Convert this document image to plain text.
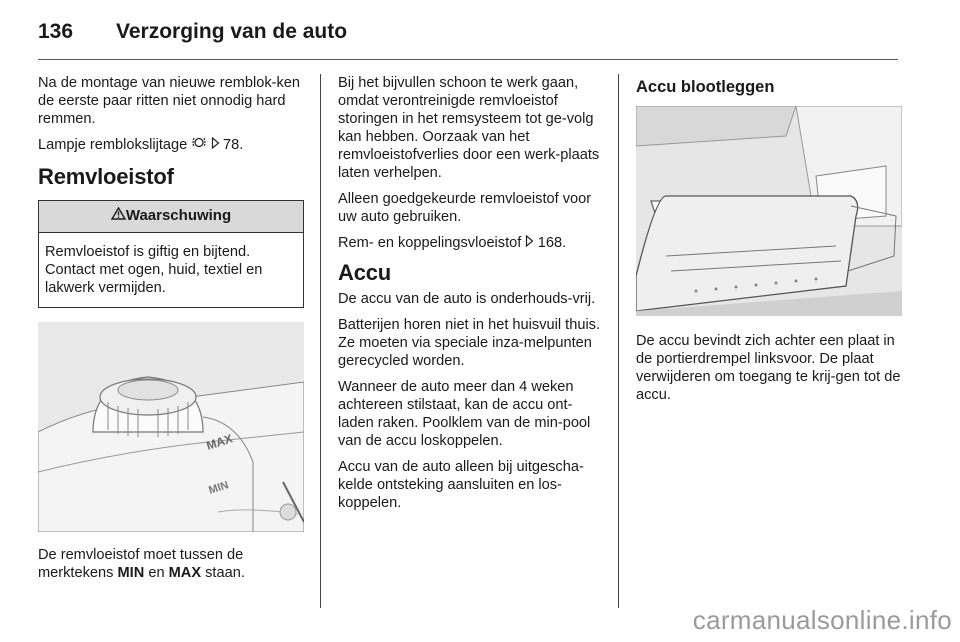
136 Verzorging van de auto

Na de montage van nieuwe remblok-ken de eerste paar ritten niet onnodig hard remmen.

Lampje remblokslijtage 78.

Remvloeistof
Waarschuwing
Remvloeistof is giftig en bijtend. Contact met ogen, huid, textiel en lakwerk vermijden.
MAX
MIN

De remvloeistof moet tussen de merktekens MIN en MAX staan.

Bij het bijvullen schoon te werk gaan, omdat verontreinigde remvloeistof storingen in het remsysteem tot ge-volg kan hebben. Oorzaak van het remvloeistofverlies door een werk-plaats laten verhelpen.

Alleen goedgekeurde remvloeistof voor uw auto gebruiken.

Rem- en koppelingsvloeistof 168.

Accu

De accu van de auto is onderhouds-vrij.

Batterijen horen niet in het huisvuil thuis. Ze moeten via speciale inza-melpunten gerecycled worden.

Wanneer de auto meer dan 4 weken achtereen stilstaat, kan de accu ont-laden raken. Poolklem van de min-pool van de accu loskoppelen.

Accu van de auto alleen bij uitgescha-kelde ontsteking aansluiten en los-koppelen.

Accu blootleggen

De accu bevindt zich achter een plaat in de portierdrempel linksvoor. De plaat verwijderen om toegang te krij-gen tot de accu.

carmanualsonline.info
